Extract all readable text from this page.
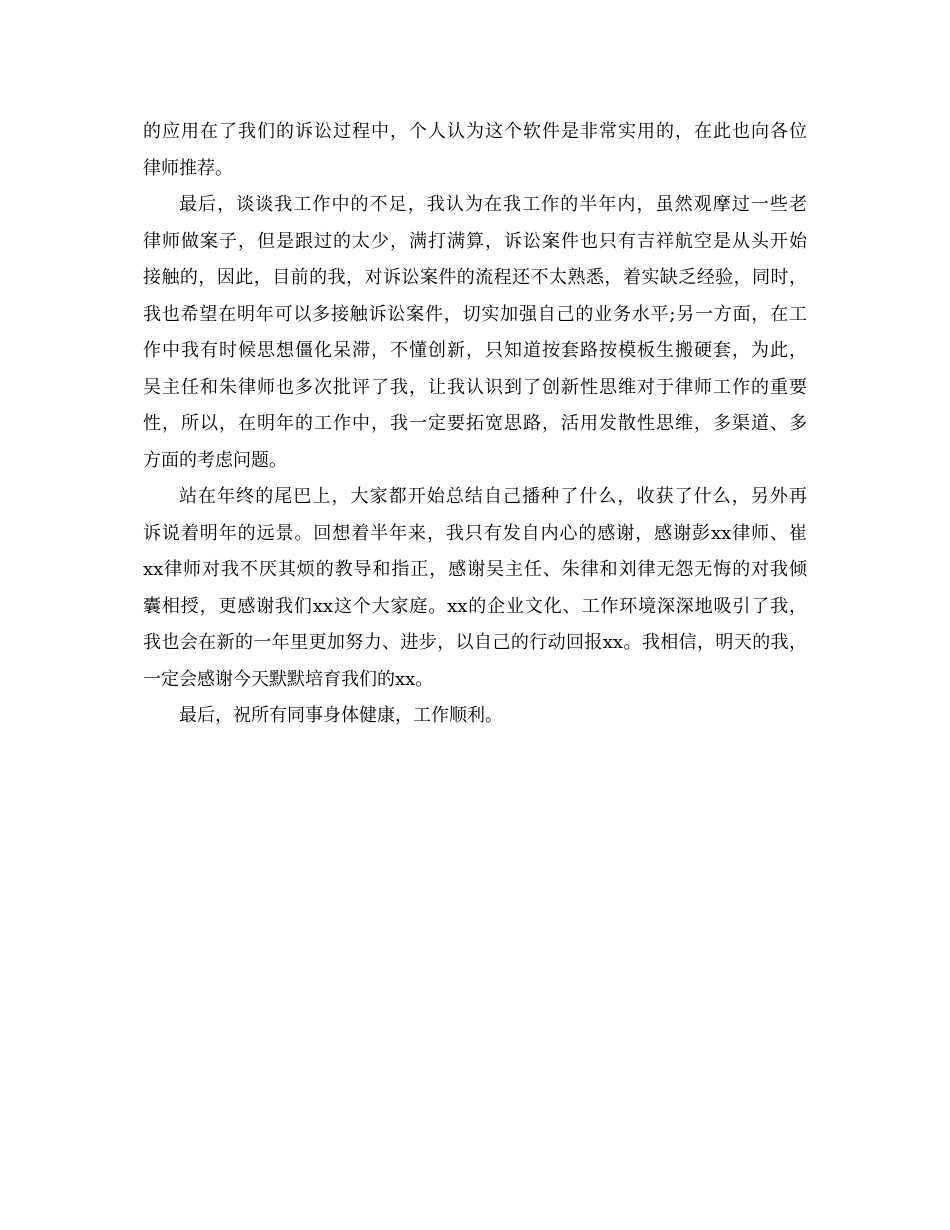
的应用在了我们的诉讼过程中，个人认为这个软件是非常实用的，在此也向各位
律师推荐。
最后，谈谈我工作中的不足，我认为在我工作的半年内，虽然观摩过一些老
律师做案子，但是跟过的太少，满打满算，诉讼案件也只有吉祥航空是从头开始
接触的，因此，目前的我，对诉讼案件的流程还不太熟悉，着实缺乏经验，同时，
我也希望在明年可以多接触诉讼案件，切实加强自己的业务水平;另一方面，在工
作中我有时候思想僵化呆滞，不懂创新，只知道按套路按模板生搬硬套，为此，
吴主任和朱律师也多次批评了我，让我认识到了创新性思维对于律师工作的重要
性，所以，在明年的工作中，我一定要拓宽思路，活用发散性思维，多渠道、多
方面的考虑问题。
站在年终的尾巴上，大家都开始总结自己播种了什么，收获了什么，另外再
诉说着明年的远景。回想着半年来，我只有发自内心的感谢，感谢彭xx律师、崔
xx律师对我不厌其烦的教导和指正，感谢吴主任、朱律和刘律无怨无悔的对我倾
囊相授，更感谢我们xx这个大家庭。xx的企业文化、工作环境深深地吸引了我，
我也会在新的一年里更加努力、进步，以自己的行动回报xx。我相信，明天的我，
一定会感谢今天默默培育我们的xx。
最后，祝所有同事身体健康，工作顺利。
